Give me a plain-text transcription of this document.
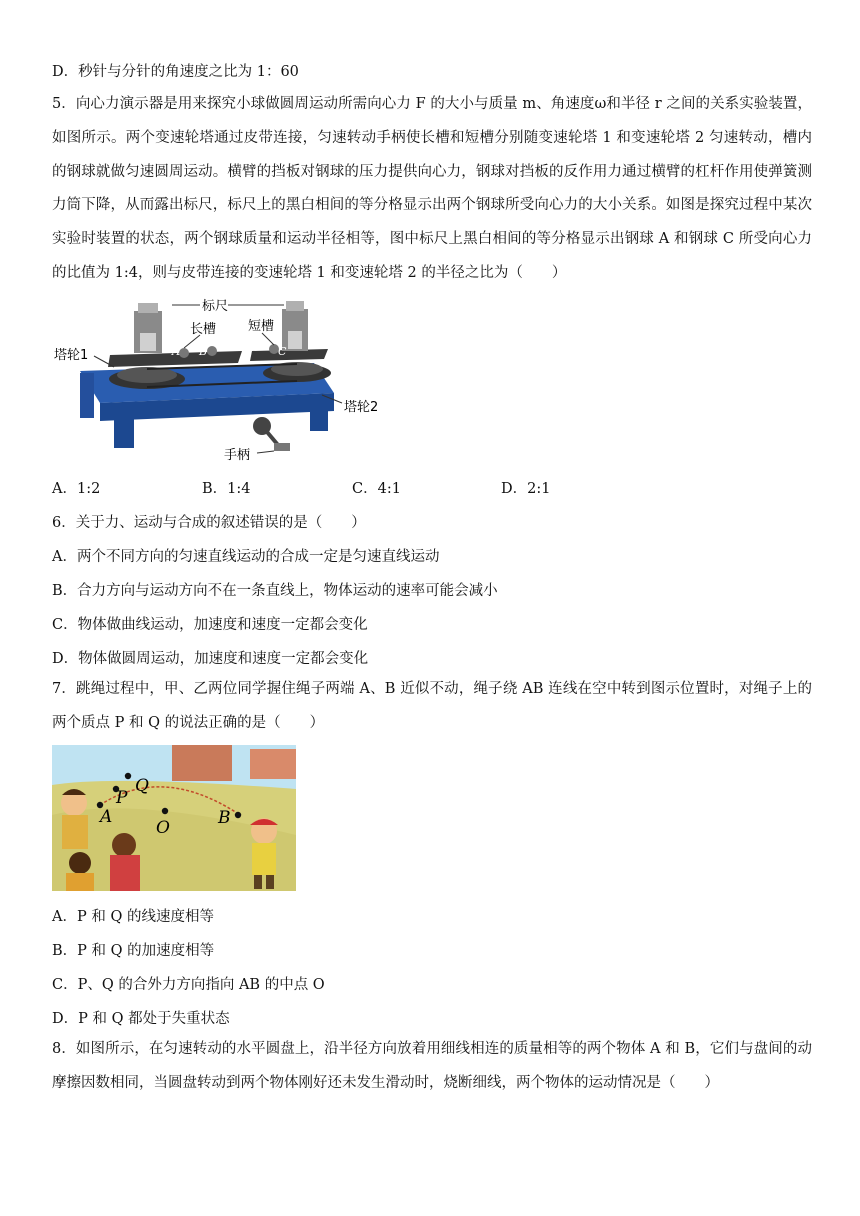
D．秒针与分针的角速度之比为 1：60
5．向心力演示器是用来探究小球做圆周运动所需向心力 F 的大小与质量 m、角速度ω和半径 r 之间的关系实验装置，如图所示。两个变速轮塔通过皮带连接，匀速转动手柄使长槽和短槽分别随变速轮塔 1 和变速轮塔 2 匀速转动，槽内的钢球就做匀速圆周运动。横臂的挡板对钢球的压力提供向心力，钢球对挡板的反作用力通过横臂的杠杆作用使弹簧测力筒下降，从而露出标尺，标尺上的黑白相间的等分格显示出两个钢球所受向心力的大小关系。如图是探究过程中某次实验时装置的状态，两个钢球质量和运动半径相等，图中标尺上黑白相间的等分格显示出钢球 A 和钢球 C 所受向心力的比值为 1:4，则与皮带连接的变速轮塔 1 和变速轮塔 2 的半径之比为（　　）
标尺
长槽 短槽
塔轮1
塔轮2
手柄
A B	C
A．1:2	B．1:4	C．4:1	D．2:1
6．关于力、运动与合成的叙述错误的是（　　）
A．两个不同方向的匀速直线运动的合成一定是匀速直线运动
B．合力方向与运动方向不在一条直线上，物体运动的速率可能会减小
C．物体做曲线运动，加速度和速度一定都会变化
D．物体做圆周运动，加速度和速度一定都会变化
7．跳绳过程中，甲、乙两位同学握住绳子两端 A、B 近似不动，绳子绕 AB 连线在空中转到图示位置时，对绳子上的两个质点 P 和 Q 的说法正确的是（　　）
P
Q
A
O	B
A．P 和 Q 的线速度相等
B．P 和 Q 的加速度相等
C．P、Q 的合外力方向指向 AB 的中点 O
D．P 和 Q 都处于失重状态
8．如图所示，在匀速转动的水平圆盘上，沿半径方向放着用细线相连的质量相等的两个物体 A 和 B，它们与盘间的动摩擦因数相同，当圆盘转动到两个物体刚好还未发生滑动时，烧断细线，两个物体的运动情况是（　　）
